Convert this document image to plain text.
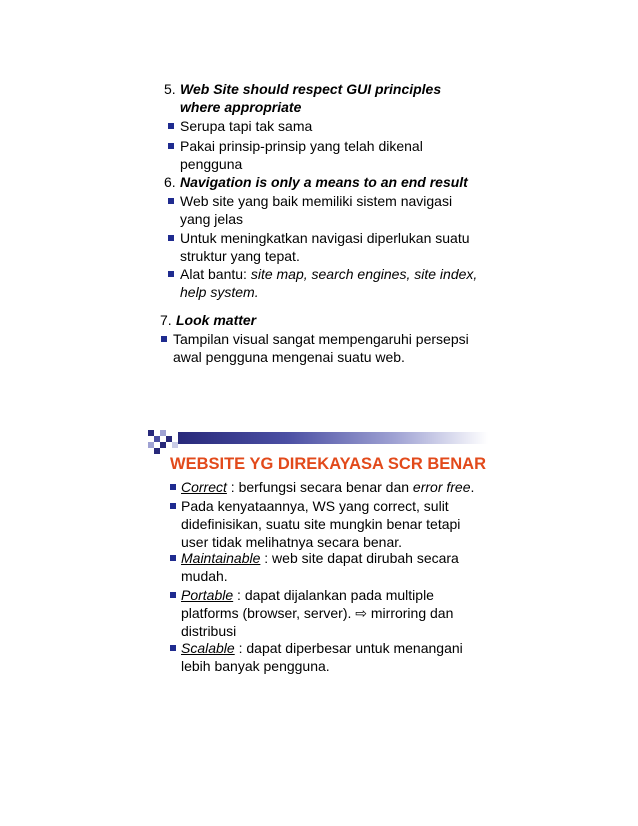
5. Web Site should respect GUI principles
where appropriate
Serupa tapi tak sama
Pakai prinsip-prinsip yang telah dikenal
pengguna
6. Navigation is only a means to an end result
Web site yang baik memiliki sistem navigasi
yang jelas
Untuk meningkatkan navigasi diperlukan suatu
struktur yang tepat.
Alat bantu: site map, search engines, site index,
help system.
7. Look matter
Tampilan visual sangat mempengaruhi persepsi
awal pengguna mengenai suatu web.
WEBSITE YG DIREKAYASA SCR BENAR
Correct : berfungsi secara benar dan error free.
Pada kenyataannya, WS yang correct, sulit
didefinisikan, suatu site mungkin benar tetapi
user tidak melihatnya secara benar.
Maintainable : web site dapat dirubah secara
mudah.
Portable : dapat dijalankan pada multiple
platforms (browser, server). ⇨ mirroring dan
distribusi
Scalable : dapat diperbesar untuk menangani
lebih banyak pengguna.
